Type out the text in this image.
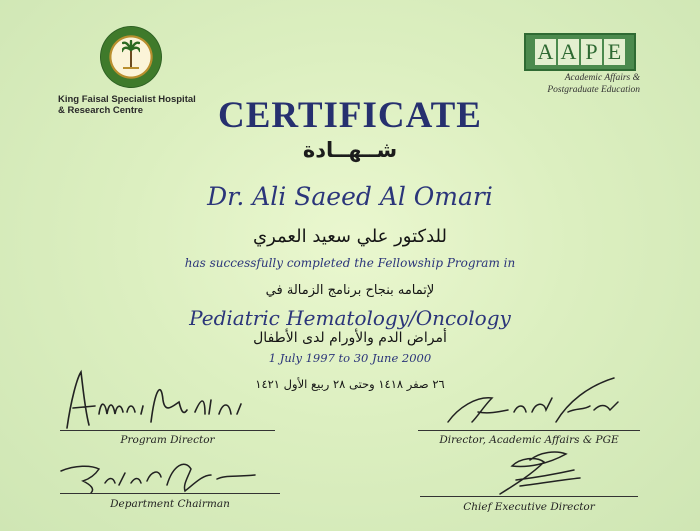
King Faisal Specialist Hospital
& Research Centre
A A P E
Academic Affairs &
Postgraduate Education
CERTIFICATE
شــهــادة
Dr. Ali Saeed Al Omari
للدكتور علي سعيد العمري
has successfully completed the Fellowship Program in
لإتمامه بنجاح برنامج الزمالة في
Pediatric Hematology/Oncology
أمراض الدم والأورام لدى الأطفال
1 July 1997 to 30 June 2000
٢٦ صفر ١٤١٨ وحتى ٢٨ ربيع الأول ١٤٢١
Program Director	Director, Academic Affairs & PGE
Department Chairman	Chief Executive Director
